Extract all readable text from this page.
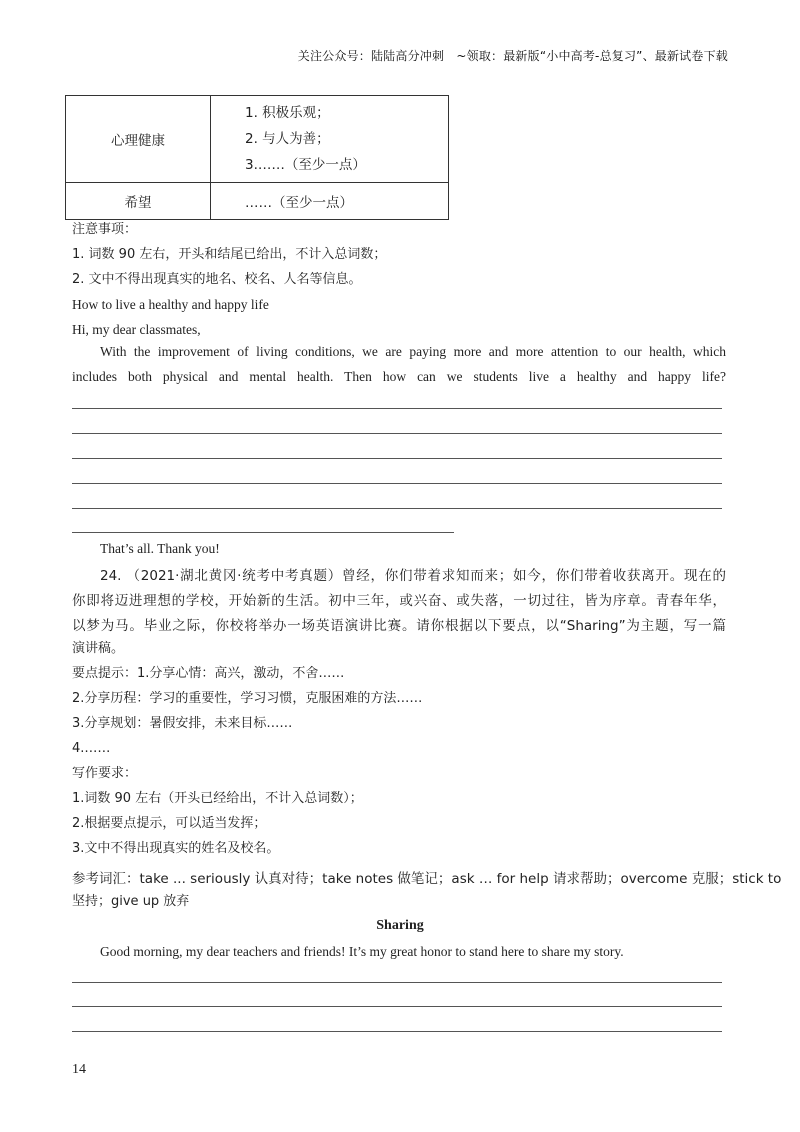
关注公众号：陆陆高分冲刺　~领取：最新版“小中高考-总复习”、最新试卷下载
心理健康	1. 积极乐观；
2. 与人为善；
3.……（至少一点）

希望	……（至少一点）
注意事项：
1. 词数 90 左右，开头和结尾已给出，不计入总词数；
2. 文中不得出现真实的地名、校名、人名等信息。
How to live a healthy and happy life
Hi, my dear classmates,
With the improvement of living conditions, we are paying more and more attention to our health, which
includes both physical and mental health. Then how can we students live a healthy and happy life?
That’s all. Thank you!
24. （2021·湖北黄冈·统考中考真题）曾经，你们带着求知而来；如今，你们带着收获离开。现在的
你即将迈进理想的学校，开始新的生活。初中三年，或兴奋、或失落，一切过往，皆为序章。青春年华，
以梦为马。毕业之际，你校将举办一场英语演讲比赛。请你根据以下要点，以“Sharing”为主题，写一篇
演讲稿。
要点提示：1.分享心情：高兴，激动，不舍……
2.分享历程：学习的重要性，学习习惯，克服困难的方法……
3.分享规划：暑假安排，未来目标……
4.……
写作要求：
1.词数 90 左右（开头已经给出，不计入总词数）；
2.根据要点提示，可以适当发挥；
3.文中不得出现真实的姓名及校名。
参考词汇：take ... seriously 认真对待；take notes 做笔记；ask … for help 请求帮助；overcome 克服；stick to
坚持；give up 放弃
Sharing
Good morning, my dear teachers and friends! It’s my great honor to stand here to share my story.
14
